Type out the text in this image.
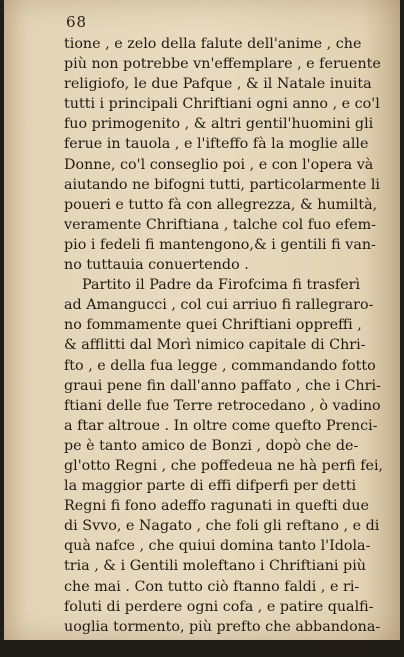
68
tione , e zelo della falute dell'anime , che
più non potrebbe vn'effemplare , e feruente
religiofo, le due Pafque , & il Natale inuita
tutti i principali Chriftiani ogni anno , e co'l
fuo primogenito , & altri gentil'huomini gli
ferue in tauola , e l'ifteffo fà la moglie alle
Donne, co'l conseglio poi , e con l'opera và
aiutando ne bifogni tutti, particolarmente li
poueri e tutto fà con allegrezza, & humiltà,
veramente Chriftiana , talche col fuo efem-
pio i fedeli fi mantengono,& i gentili fi van-
no tuttauia conuertendo .
Partito il Padre da Firofcima fi trasferì
ad Amangucci , col cui arriuo fi rallegraro-
no fommamente quei Chriftiani oppreffi ,
& afflitti dal Morì nimico capitale di Chri-
fto , e della fua legge , commandando fotto
graui pene fin dall'anno paffato , che i Chri-
ftiani delle fue Terre retrocedano , ò vadino
a ftar altroue . In oltre come quefto Prenci-
pe è tanto amico de Bonzi , dopò che de-
gl'otto Regni , che poffedeua ne hà perfi fei,
la maggior parte di effi difperfi per detti
Regni fi fono adeffo ragunati in quefti due
di Svvo, e Nagato , che foli gli reftano , e di
quà nafce , che quiui domina tanto l'Idola-
tria , & i Gentili moleftano i Chriftiani più
che mai . Con tutto ciò ftanno faldi , e ri-
foluti di perdere ogni cofa , e patire qualfi-
uoglia tormento, più prefto che abbandona-
re Dio.
